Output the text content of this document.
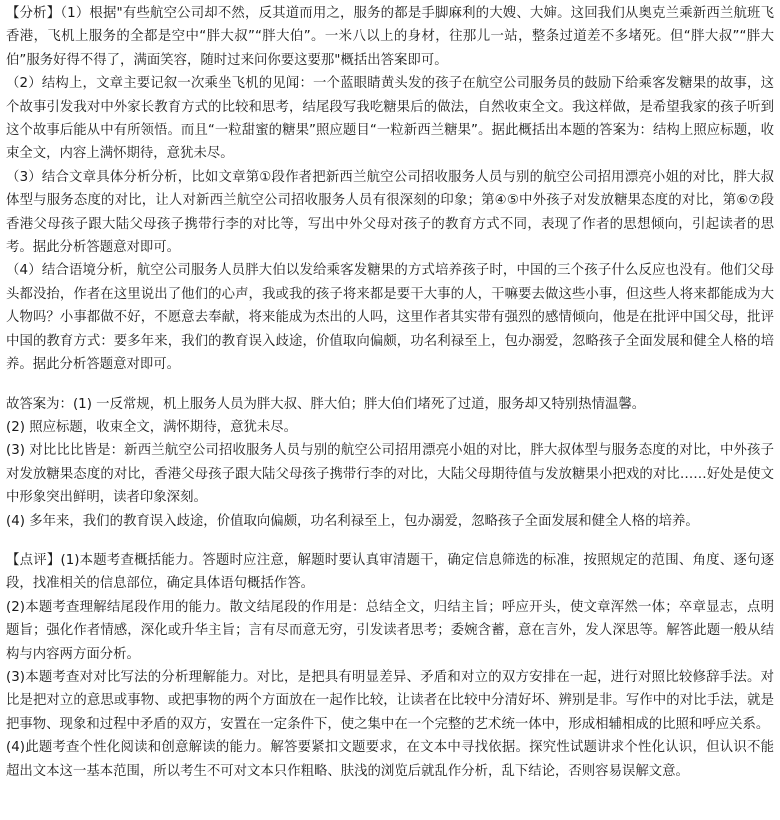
【分析】（1）根据"有些航空公司却不然，反其道而用之，服务的都是手脚麻利的大嫂、大婶。这回我们从奥克兰乘新西兰航班飞香港，飞机上服务的全都是空中“胖大叔”“胖大伯”。一米八以上的身材，往那儿一站，整条过道差不多堵死。但“胖大叔”“胖大伯”服务好得不得了，满面笑容，随时过来问你要这要那"概括出答案即可。

（2）结构上，文章主要记叙一次乘坐飞机的见闻：一个蓝眼睛黄头发的孩子在航空公司服务员的鼓励下给乘客发糖果的故事，这个故事引发我对中外家长教育方式的比较和思考，结尾段写我吃糖果后的做法，自然收束全文。我这样做，是希望我家的孩子听到这个故事后能从中有所领悟。而且“一粒甜蜜的糖果”照应题目“一粒新西兰糖果”。据此概括出本题的答案为：结构上照应标题，收束全文，内容上满怀期待，意犹未尽。

（3）结合文章具体分析分析，比如文章第①段作者把新西兰航空公司招收服务人员与别的航空公司招用漂亮小姐的对比，胖大叔体型与服务态度的对比，让人对新西兰航空公司招收服务人员有很深刻的印象；第④⑤中外孩子对发放糖果态度的对比，第⑥⑦段香港父母孩子跟大陆父母孩子携带行李的对比等，写出中外父母对孩子的教育方式不同，表现了作者的思想倾向，引起读者的思考。据此分析答题意对即可。

（4）结合语境分析，航空公司服务人员胖大伯以发给乘客发糖果的方式培养孩子时，中国的三个孩子什么反应也没有。他们父母头都没抬，作者在这里说出了他们的心声，我或我的孩子将来都是要干大事的人，干嘛要去做这些小事，但这些人将来都能成为大人物吗？小事都做不好，不愿意去奉献，将来能成为杰出的人吗，这里作者其实带有强烈的感情倾向，他是在批评中国父母，批评中国的教育方式：要多年来，我们的教育误入歧途，价值取向偏颇，功名利禄至上，包办溺爱，忽略孩子全面发展和健全人格的培养。据此分析答题意对即可。

故答案为：(1) 一反常规，机上服务人员为胖大叔、胖大伯；胖大伯们堵死了过道，服务却又特别热情温馨。

(2) 照应标题，收束全文，满怀期待，意犹未尽。

(3) 对比比比皆是：新西兰航空公司招收服务人员与别的航空公司招用漂亮小姐的对比，胖大叔体型与服务态度的对比，中外孩子对发放糖果态度的对比，香港父母孩子跟大陆父母孩子携带行李的对比，大陆父母期待值与发放糖果小把戏的对比……好处是使文中形象突出鲜明，读者印象深刻。

(4) 多年来，我们的教育误入歧途，价值取向偏颇，功名利禄至上，包办溺爱，忽略孩子全面发展和健全人格的培养。

【点评】(1)本题考查概括能力。答题时应注意，解题时要认真审清题干，确定信息筛选的标准，按照规定的范围、角度、逐句逐段，找准相关的信息部位，确定具体语句概括作答。

(2)本题考查理解结尾段作用的能力。散文结尾段的作用是：总结全文，归结主旨；呼应开头，使文章浑然一体；卒章显志，点明题旨；强化作者情感，深化或升华主旨；言有尽而意无穷，引发读者思考；委婉含蓄，意在言外，发人深思等。解答此题一般从结构与内容两方面分析。

(3)本题考查对对比写法的分析理解能力。对比，是把具有明显差异、矛盾和对立的双方安排在一起，进行对照比较修辞手法。对比是把对立的意思或事物、或把事物的两个方面放在一起作比较，让读者在比较中分清好坏、辨别是非。写作中的对比手法，就是把事物、现象和过程中矛盾的双方，安置在一定条件下，使之集中在一个完整的艺术统一体中，形成相辅相成的比照和呼应关系。

(4)此题考查个性化阅读和创意解读的能力。解答要紧扣文题要求，在文本中寻找依据。探究性试题讲求个性化认识，但认识不能超出文本这一基本范围，所以考生不可对文本只作粗略、肤浅的浏览后就乱作分析，乱下结论，否则容易误解文意。
